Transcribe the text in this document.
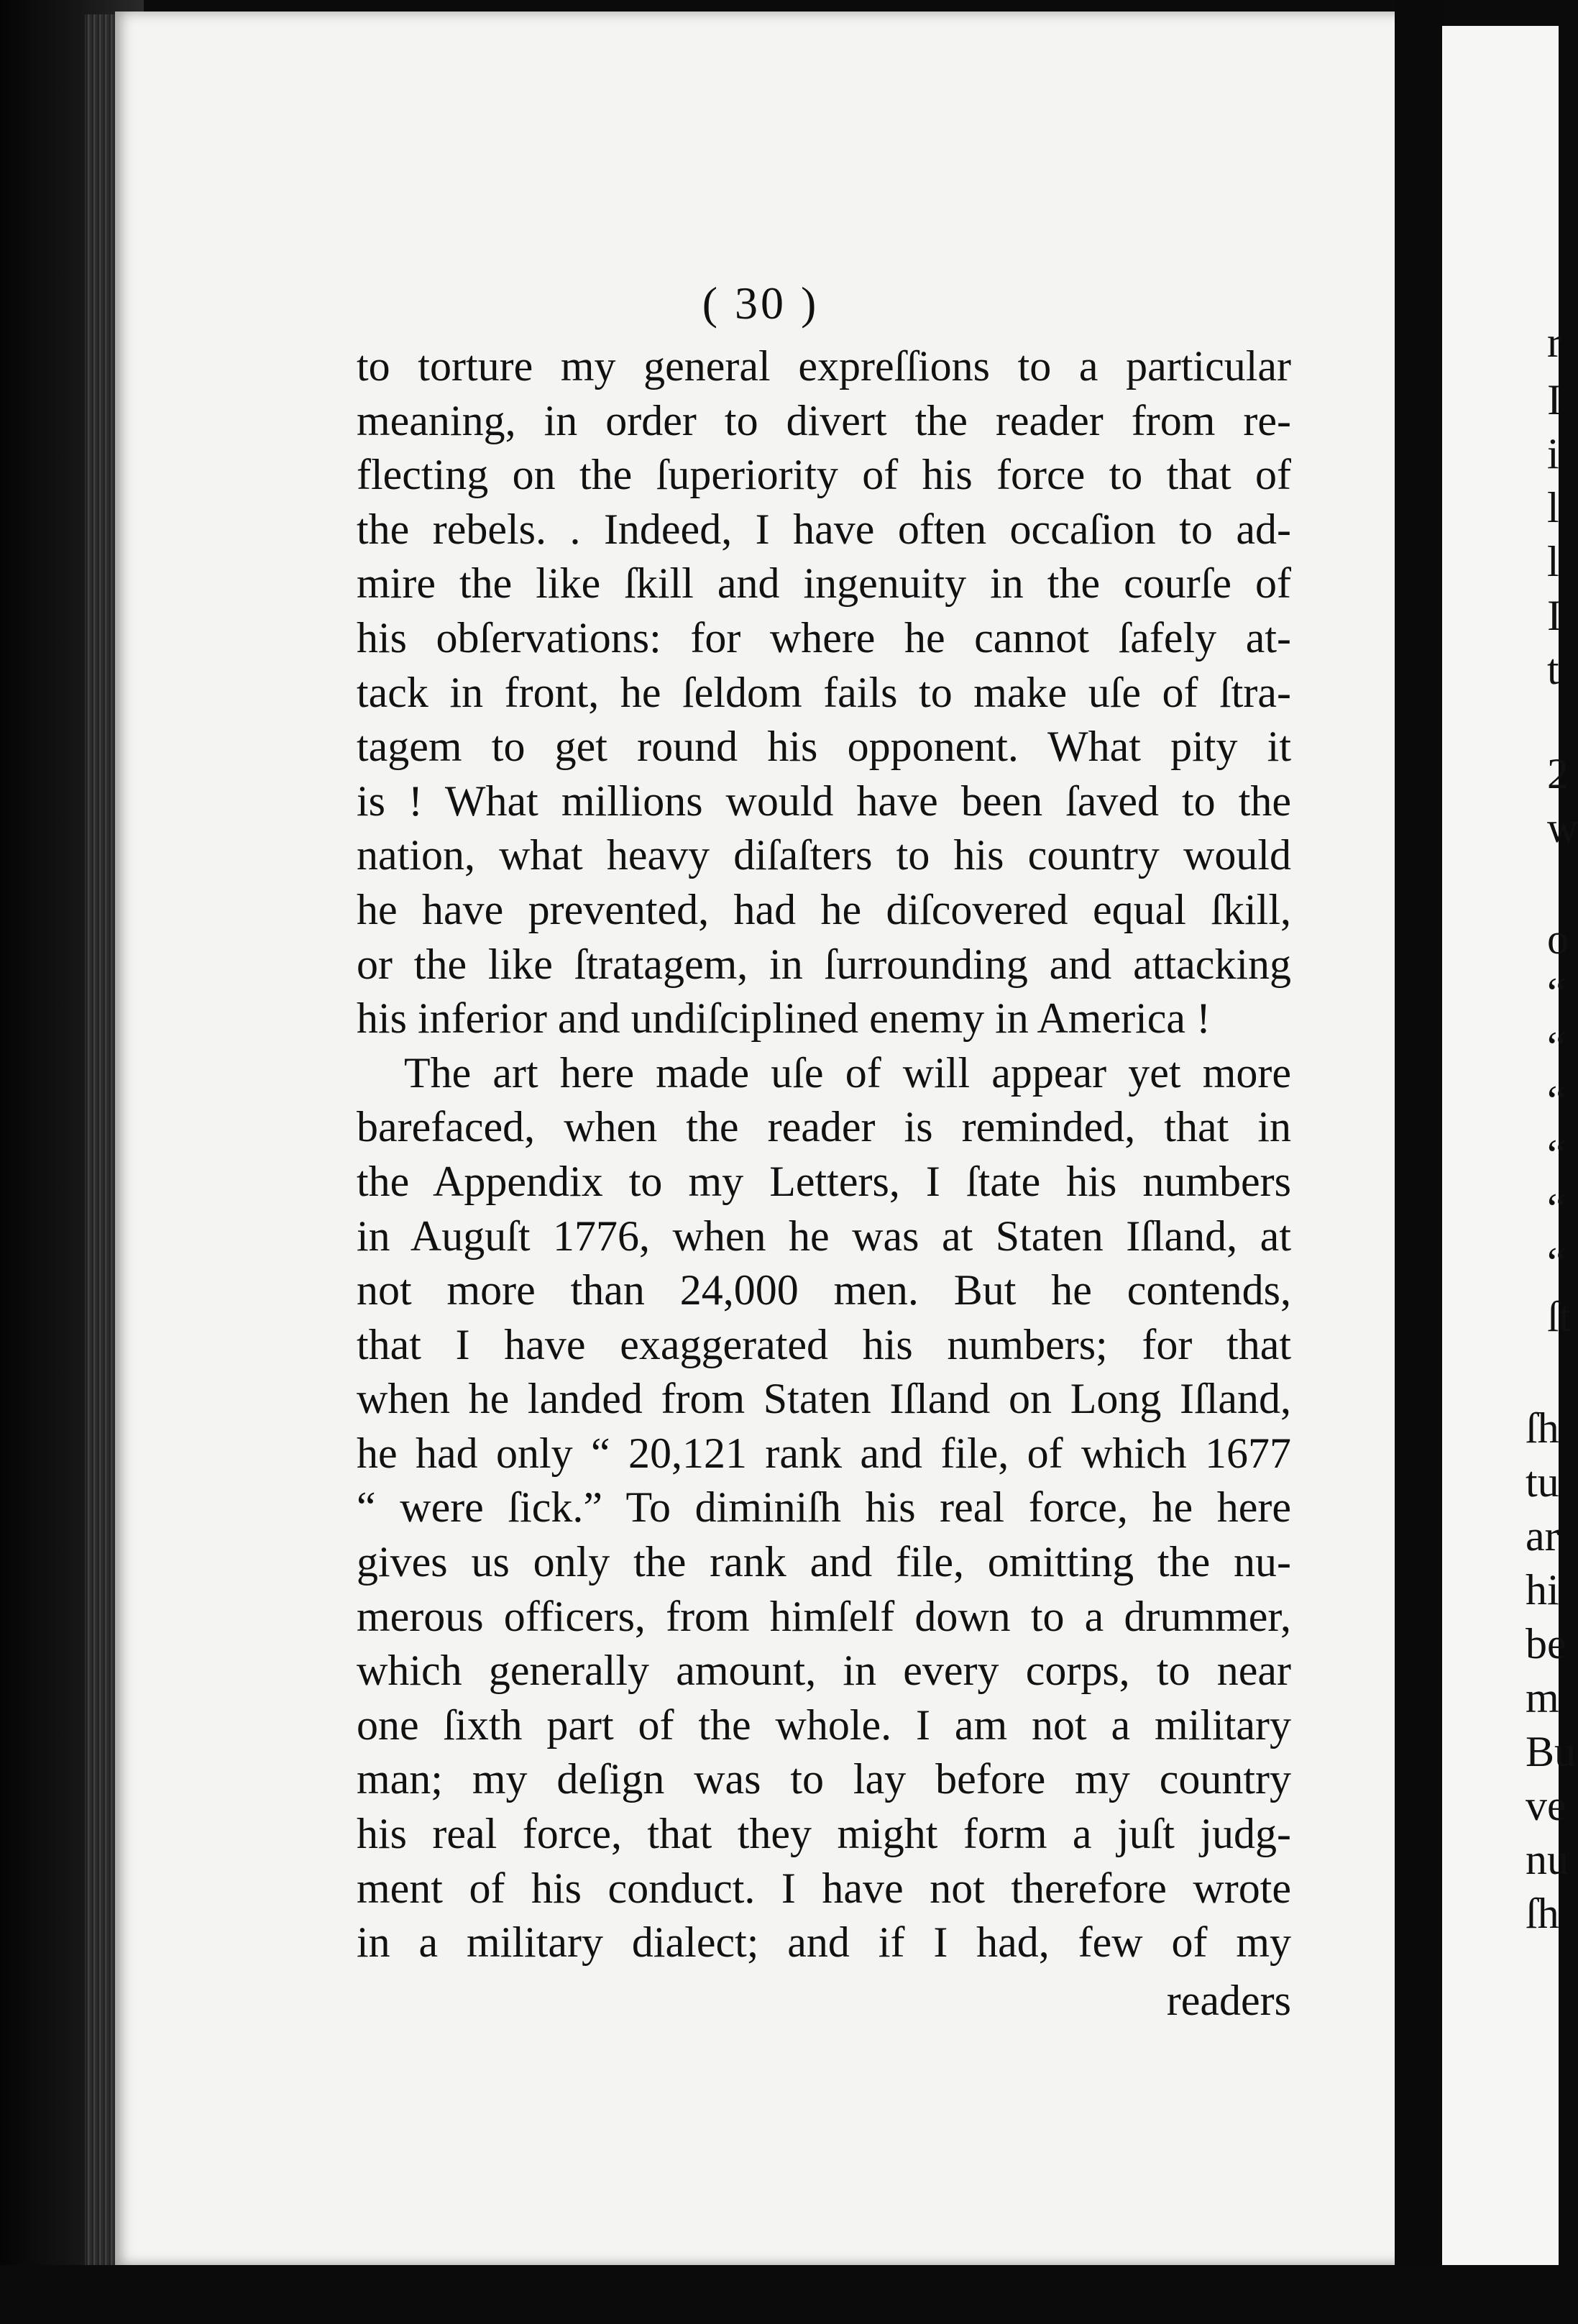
( 30 )
to torture my general expreſſions to a particular
meaning, in order to divert the reader from re-
flecting on the ſuperiority of his force to that of
the rebels. . Indeed, I have often occaſion to ad-
mire the like ſkill and ingenuity in the courſe of
his obſervations: for where he cannot ſafely at-
tack in front, he ſeldom fails to make uſe of ſtra-
tagem to get round his opponent. What pity it
is ! What millions would have been ſaved to the
nation, what heavy diſaſters to his country would
he have prevented, had he diſcovered equal ſkill,
or the like ſtratagem, in ſurrounding and attacking
his inferior and undiſciplined enemy in America !
The art here made uſe of will appear yet more
barefaced, when the reader is reminded, that in
the Appendix to my Letters, I ſtate his numbers
in Auguſt 1776, when he was at Staten Iſland, at
not more than 24,000 men. But he contends,
that I have exaggerated his numbers; for that
when he landed from Staten Iſland on Long Iſland,
he had only “ 20,121 rank and file, of which 1677
“ were ſick.” To diminiſh his real force, he here
gives us only the rank and file, omitting the nu-
merous officers, from himſelf down to a drummer,
which generally amount, in every corps, to near
one ſixth part of the whole. I am not a military
man; my deſign was to lay before my country
his real force, that they might form a juſt judg-
ment of his conduct. I have not therefore wrote
in a military dialect; and if I had, few of my
readers
r
I
i
l
l
I
t
2
w
o
“
“
“
“
“
“
ſt
ſh
tu
ar
hi
be
m
Bu
ve
nu
ſh
